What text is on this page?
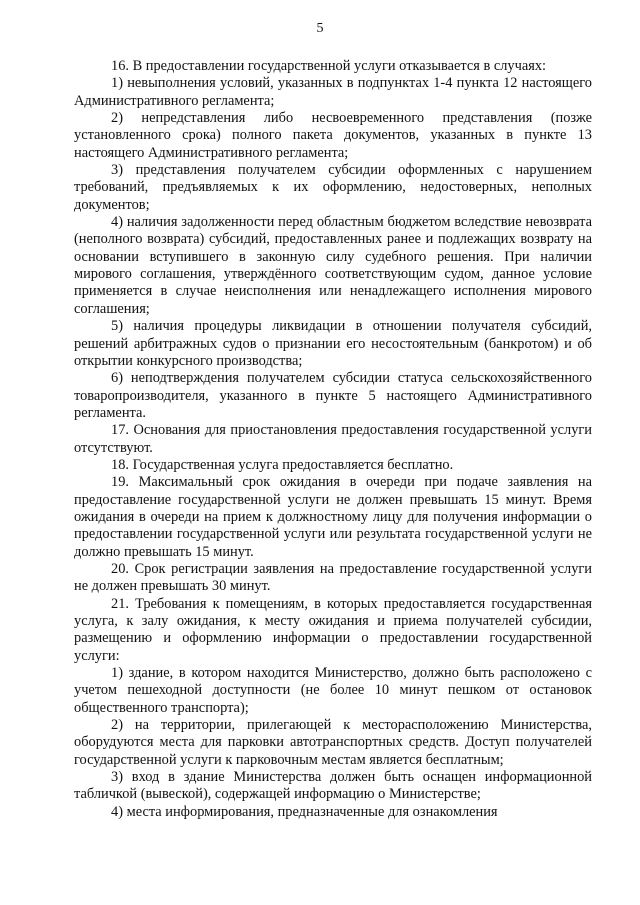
5

16. В предоставлении государственной услуги отказывается в случаях:

1) невыполнения условий, указанных в подпунктах 1-4 пункта 12 настоящего Административного регламента;

2) непредставления либо несвоевременного представления (позже установленного срока) полного пакета документов, указанных в пункте 13 настоящего Административного регламента;

3) представления получателем субсидии оформленных с нарушением требований, предъявляемых к их оформлению, недостоверных, неполных документов;

4) наличия задолженности перед областным бюджетом вследствие невозврата (неполного возврата) субсидий, предоставленных ранее и подлежащих возврату на основании вступившего в законную силу судебного решения. При наличии мирового соглашения, утверждённого соответствующим судом, данное условие применяется в случае неисполнения или ненадлежащего исполнения мирового соглашения;

5) наличия процедуры ликвидации в отношении получателя субсидий, решений арбитражных судов о признании его несостоятельным (банкротом) и об открытии конкурсного производства;

6) неподтверждения получателем субсидии статуса сельскохозяйственного товаропроизводителя, указанного в пункте 5 настоящего Административного регламента.

17. Основания для приостановления предоставления государственной услуги отсутствуют.

18. Государственная услуга предоставляется бесплатно.

19. Максимальный срок ожидания в очереди при подаче заявления на предоставление государственной услуги не должен превышать 15 минут. Время ожидания в очереди на прием к должностному лицу для получения информации о предоставлении государственной услуги или результата государственной услуги не должно превышать 15 минут.

20. Срок регистрации заявления на предоставление государственной услуги не должен превышать 30 минут.

21. Требования к помещениям, в которых предоставляется государственная услуга, к залу ожидания, к месту ожидания и приема получателей субсидии, размещению и оформлению информации о предоставлении государственной услуги:

1) здание, в котором находится Министерство, должно быть расположено с учетом пешеходной доступности (не более 10 минут пешком от остановок общественного транспорта);

2) на территории, прилегающей к месторасположению Министерства, оборудуются места для парковки автотранспортных средств. Доступ получателей государственной услуги к парковочным местам является бесплатным;

3) вход в здание Министерства должен быть оснащен информационной табличкой (вывеской), содержащей информацию о Министерстве;

4) места информирования, предназначенные для ознакомления
